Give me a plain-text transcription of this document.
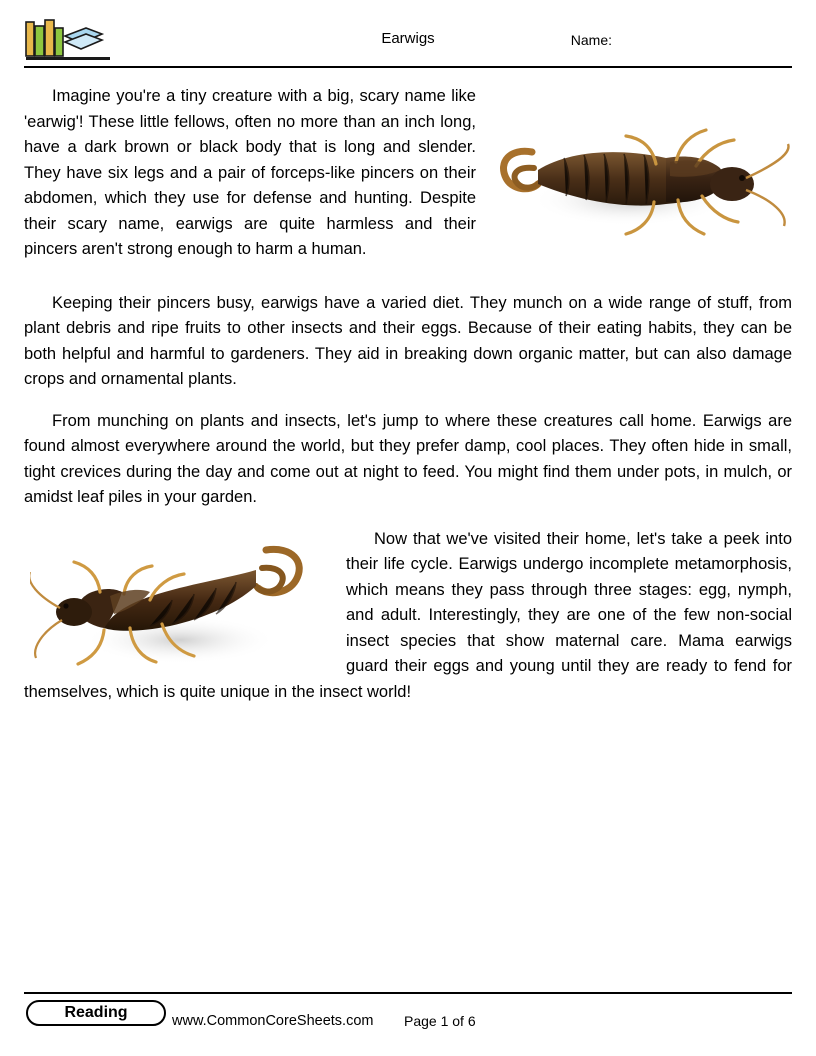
Earwigs	Name:

Imagine you're a tiny creature with a big, scary name like 'earwig'! These little fellows, often no more than an inch long, have a dark brown or black body that is long and slender. They have six legs and a pair of forceps-like pincers on their abdomen, which they use for defense and hunting. Despite their scary name, earwigs are quite harmless and their pincers aren't strong enough to harm a human.

Keeping their pincers busy, earwigs have a varied diet. They munch on a wide range of stuff, from plant debris and ripe fruits to other insects and their eggs. Because of their eating habits, they can be both helpful and harmful to gardeners. They aid in breaking down organic matter, but can also damage crops and ornamental plants.

From munching on plants and insects, let's jump to where these creatures call home. Earwigs are found almost everywhere around the world, but they prefer damp, cool places. They often hide in small, tight crevices during the day and come out at night to feed. You might find them under pots, in mulch, or amidst leaf piles in your garden.

Now that we've visited their home, let's take a peek into their life cycle. Earwigs undergo incomplete metamorphosis, which means they pass through three stages: egg, nymph, and adult. Interestingly, they are one of the few non-social insect species that show maternal care. Mama earwigs guard their eggs and young until they are ready to fend for themselves, which is quite unique in the insect world!

Reading	www.CommonCoreSheets.com Page 1 of 6
